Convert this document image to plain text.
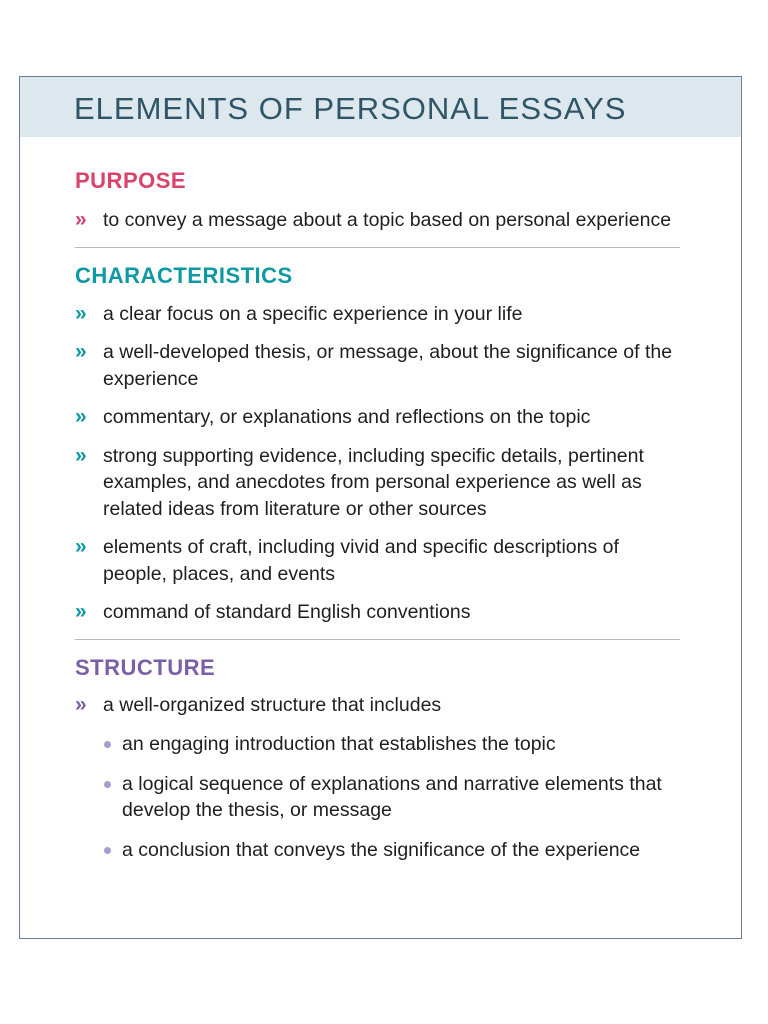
ELEMENTS OF PERSONAL ESSAYS
PURPOSE
» to convey a message about a topic based on personal experience
CHARACTERISTICS
» a clear focus on a specific experience in your life
» a well-developed thesis, or message, about the significance of the experience
» commentary, or explanations and reflections on the topic
» strong supporting evidence, including specific details, pertinent examples, and anecdotes from personal experience as well as related ideas from literature or other sources
» elements of craft, including vivid and specific descriptions of people, places, and events
» command of standard English conventions
STRUCTURE
» a well-organized structure that includes
an engaging introduction that establishes the topic
a logical sequence of explanations and narrative elements that develop the thesis, or message
a conclusion that conveys the significance of the experience
